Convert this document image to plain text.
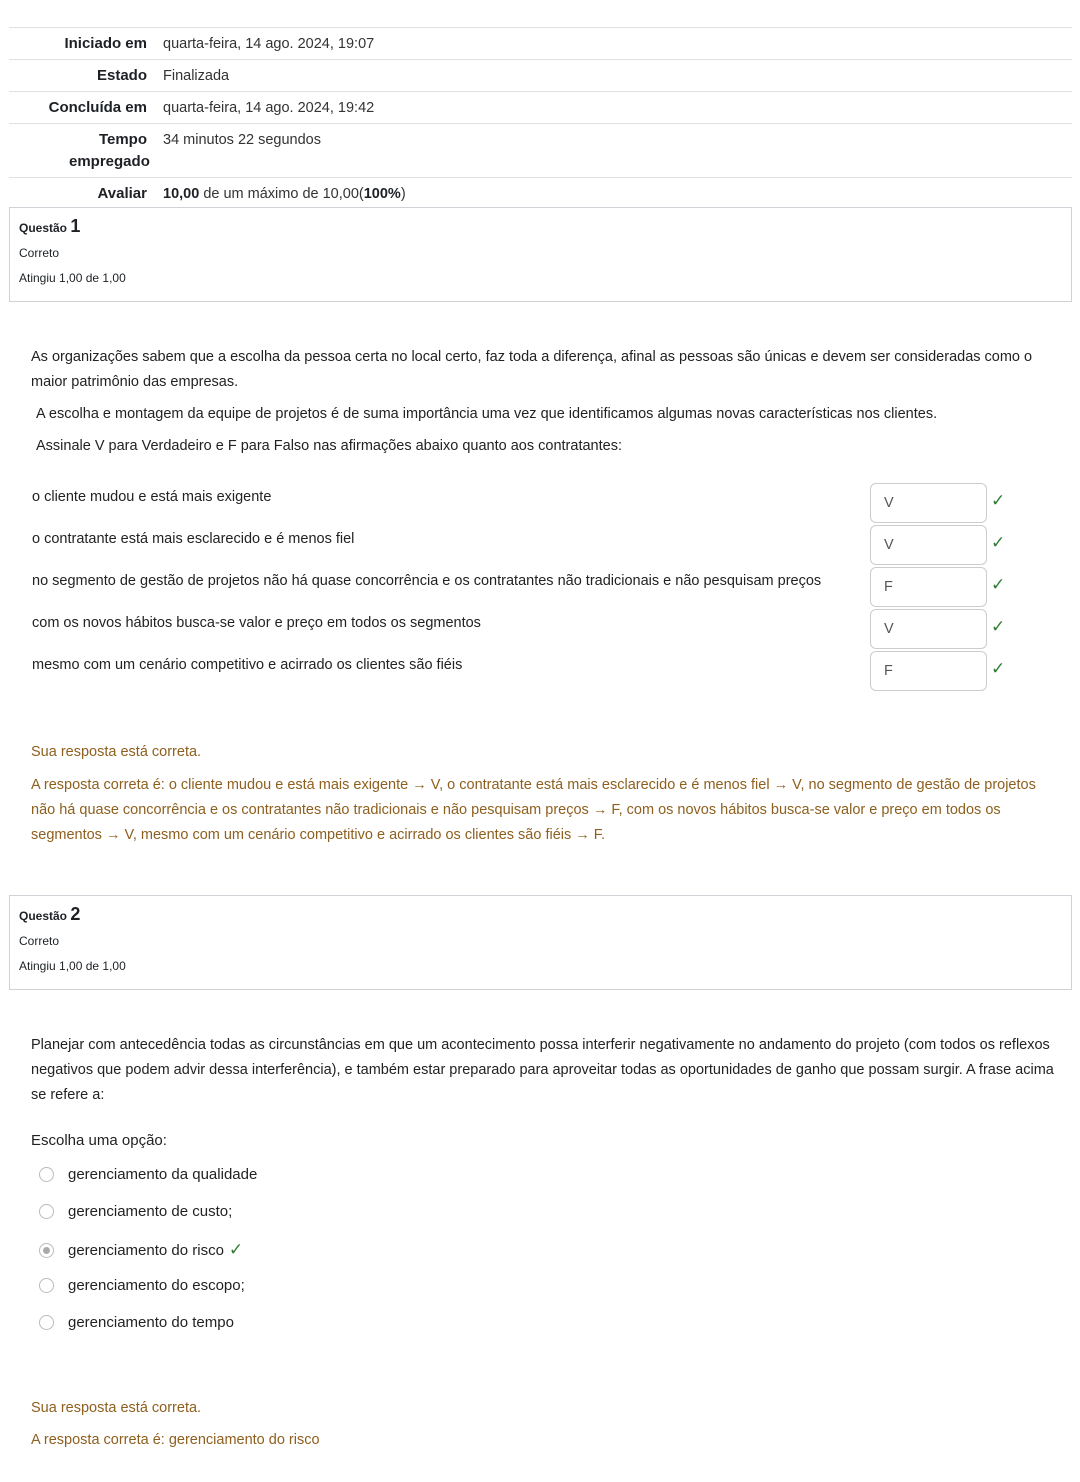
Iniciado em	quarta-feira, 14 ago. 2024, 19:07
Estado	Finalizada
Concluída em	quarta-feira, 14 ago. 2024, 19:42
Tempo empregado
34 minutos 22 segundos
Avaliar	10,00 de um máximo de 10,00(100%)
Questão 1
Correto
Atingiu 1,00 de 1,00
As organizações sabem que a escolha da pessoa certa no local certo, faz toda a diferença, afinal as pessoas são únicas e devem ser consideradas como o maior patrimônio das empresas.
A escolha e montagem da equipe de projetos é de suma importância uma vez que identificamos algumas novas características nos clientes.
Assinale V para Verdadeiro e F para Falso nas afirmações abaixo quanto aos contratantes:
o cliente mudou e está mais exigente	V	✓
o contratante está mais esclarecido e é menos fiel	V	✓
no segmento de gestão de projetos não há quase concorrência e os contratantes não tradicionais e não pesquisam preços	F	✓
com os novos hábitos busca-se valor e preço em todos os segmentos	V	✓
mesmo com um cenário competitivo e acirrado os clientes são fiéis	F	✓
Sua resposta está correta.
A resposta correta é: o cliente mudou e está mais exigente → V, o contratante está mais esclarecido e é menos fiel → V, no segmento de gestão de projetos não há quase concorrência e os contratantes não tradicionais e não pesquisam preços → F, com os novos hábitos busca-se valor e preço em todos os segmentos → V, mesmo com um cenário competitivo e acirrado os clientes são fiéis → F.
Questão 2
Correto
Atingiu 1,00 de 1,00
Planejar com antecedência todas as circunstâncias em que um acontecimento possa interferir negativamente no andamento do projeto (com todos os reflexos negativos que podem advir dessa interferência), e também estar preparado para aproveitar todas as oportunidades de ganho que possam surgir. A frase acima se refere a:
Escolha uma opção:
gerenciamento da qualidade
gerenciamento de custo;
gerenciamento do risco ✓
gerenciamento do escopo;
gerenciamento do tempo
Sua resposta está correta.
A resposta correta é: gerenciamento do risco
